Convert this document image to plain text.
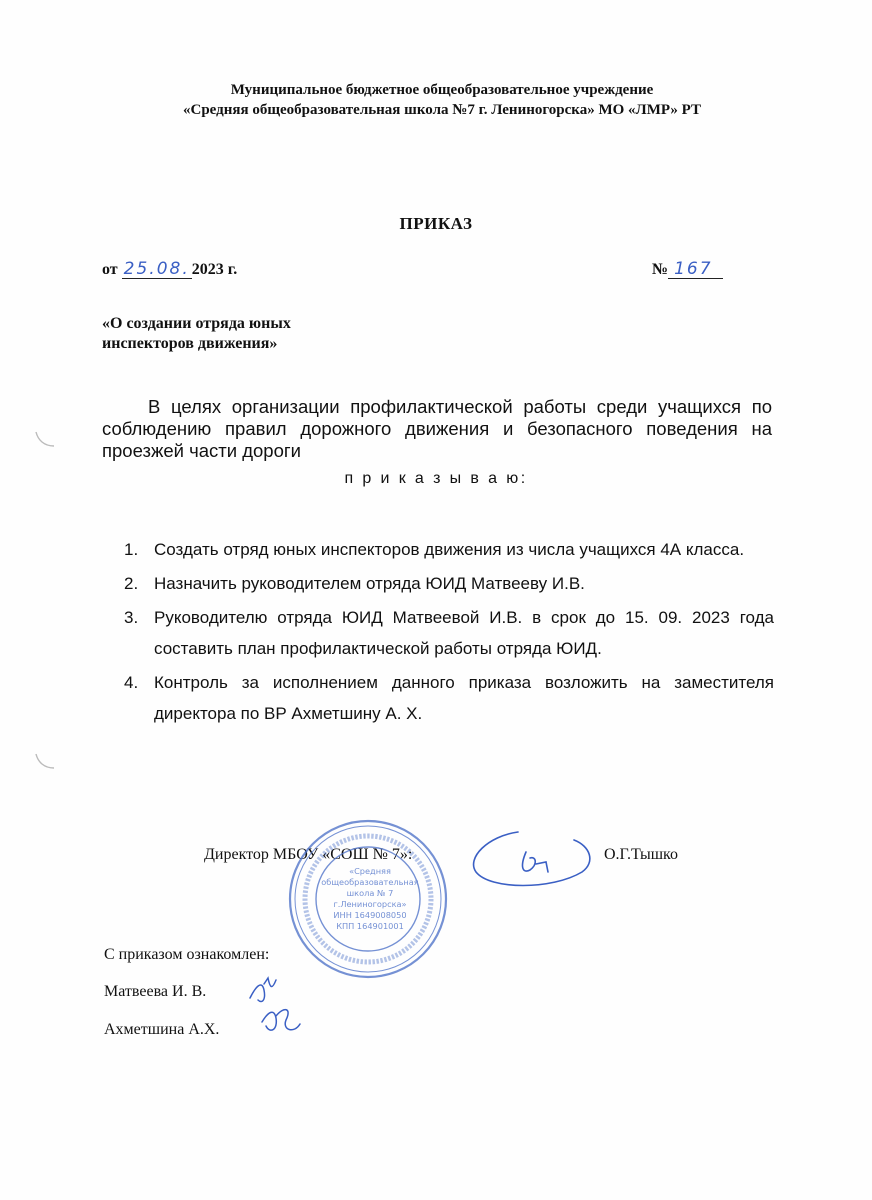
Муниципальное бюджетное общеобразовательное учреждение
«Средняя общеобразовательная школа №7 г. Лениногорска» МО «ЛМР» РТ
ПРИКАЗ
от 25.08. 2023 г.	№ 167
«О создании отряда юных
инспекторов движения»

В целях организации профилактической работы среди учащихся по соблюдению правил дорожного движения и безопасного поведения на проезжей части дороги

п р и к а з ы в а ю:
1. Создать отряд юных инспекторов движения из числа учащихся 4А класса.
2. Назначить руководителем отряда ЮИД Матвееву И.В.
3. Руководителю отряда ЮИД Матвеевой И.В. в срок до 15. 09. 2023 года составить план профилактической работы отряда ЮИД.
4. Контроль за исполнением данного приказа возложить на заместителя директора по ВР Ахметшину А. Х.
Директор МБОУ «СОШ № 7»:	О.Г.Тышко
«Средняя
общеобразовательная
школа № 7
г.Лениногорска»
ИНН 1649008050
КПП 164901001
С приказом ознакомлен:
Матвеева И. В.
Ахметшина А.Х.
